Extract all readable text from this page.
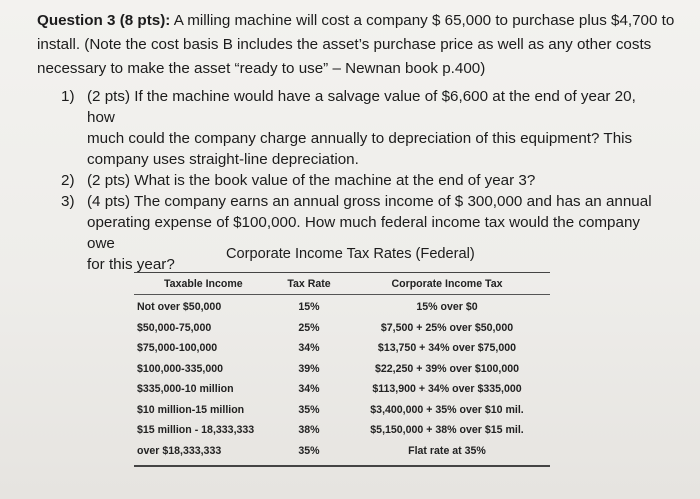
Question 3 (8 pts): A milling machine will cost a company $ 65,000 to purchase plus $4,700 to
install. (Note the cost basis B includes the asset’s purchase price as well as any other costs
necessary to make the asset “ready to use” – Newnan book p.400)
1) (2 pts) If the machine would have a salvage value of $6,600 at the end of year 20, how
much could the company charge annually to depreciation of this equipment? This
company uses straight-line depreciation.
2) (2 pts) What is the book value of the machine at the end of year 3?
3) (4 pts) The company earns an annual gross income of $ 300,000 and has an annual
operating expense of $100,000. How much federal income tax would the company owe
for this year?
Corporate Income Tax Rates (Federal)
Taxable Income	Tax Rate	Corporate Income Tax
Not over $50,000	15%	15% over $0
$50,000-75,000	25%	$7,500 + 25% over $50,000
$75,000-100,000	34%	$13,750 + 34% over $75,000
$100,000-335,000	39%	$22,250 + 39% over $100,000
$335,000-10 million	34%	$113,900 + 34% over $335,000
$10 million-15 million	35%	$3,400,000 + 35% over $10 mil.
$15 million - 18,333,333	38%	$5,150,000 + 38% over $15 mil.
over $18,333,333	35%	Flat rate at 35%
